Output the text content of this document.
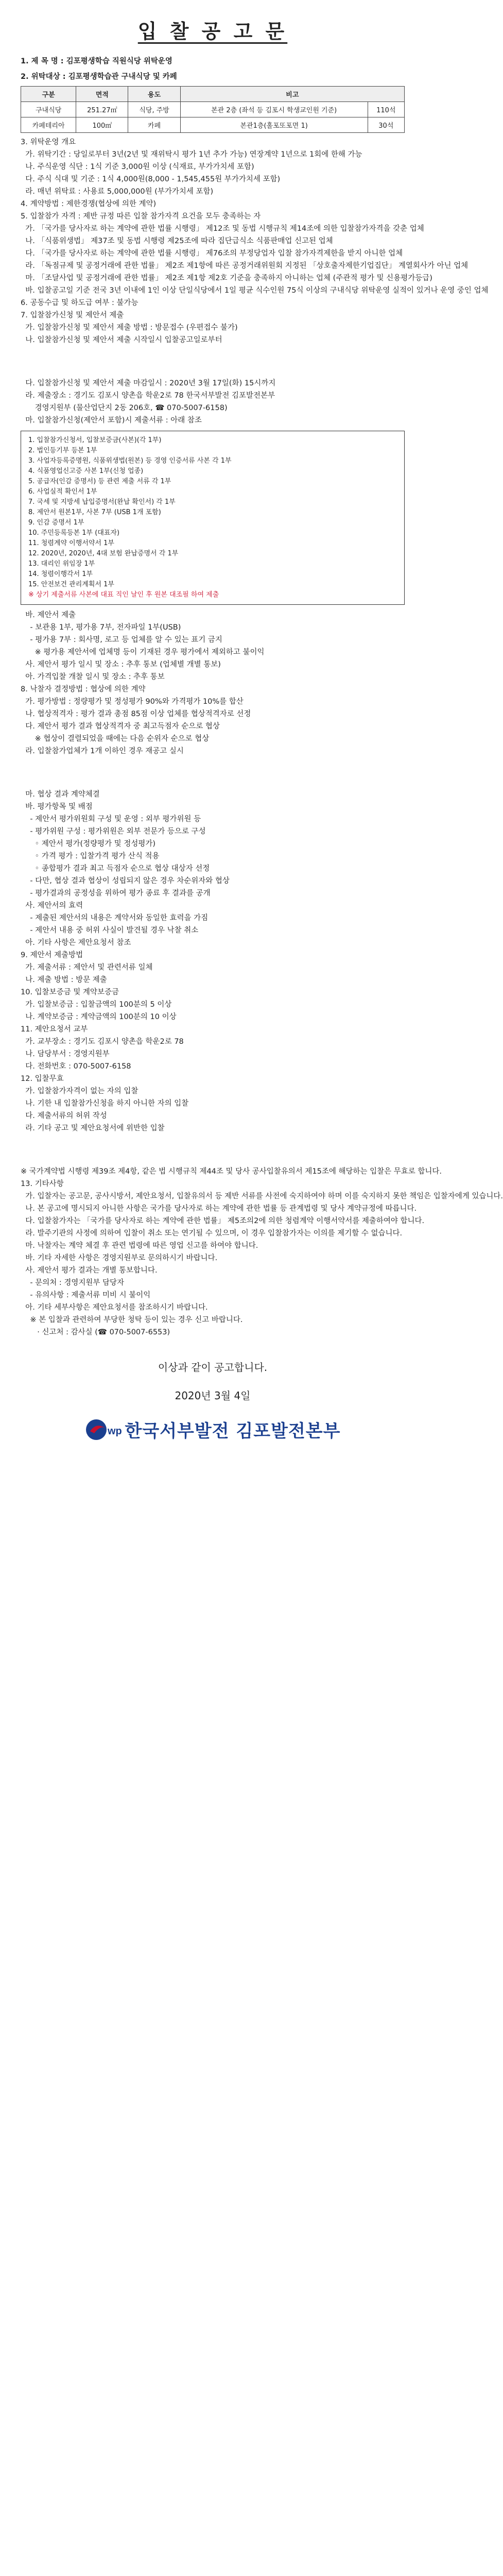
입 찰 공 고 문
1. 제 목 명 : 김포평생학습 직원식당 위탁운영
2. 위탁대상 : 김포평생학습관 구내식당 및 카페
구분	면적	용도	비고	
구내식당	251.27㎡	식당, 주방	본관 2층 (좌석 등 김포시 학생교인원 기준)	110석
카페테리아	100㎡	카페	본관1층(홀포또포면 1)	30석
3. 위탁운영 개요
가. 위탁기간 : 당일로부터 3년(2년 및 재위탁시 평가 1년 추가 가능) 연장계약 1년으로 1회에 한해 가능
나. 주식운영 식단 : 1식 기준 3,000원 이상 (식재료, 부가가치세 포함)
다. 주식 식대 및 기준 : 1식 4,000원(8,000 - 1,545,455원 부가가치세 포함)
라. 매년 위탁료 : 사용료 5,000,000원 (부가가치세 포함)
4. 계약방법 : 제한경쟁(협상에 의한 계약)
5. 입찰참가 자격 : 제반 규정 따른 입찰 참가자격 요건을 모두 충족하는 자
가. 「국가를 당사자로 하는 계약에 관한 법률 시행령」 제12조 및 동법 시행규칙 제14조에 의한 입찰참가자격을 갖춘 업체
나. 「식품위생법」 제37조 및 동법 시행령 제25조에 따라 집단급식소 식품판매업 신고된 업체
다. 「국가를 당사자로 하는 계약에 관한 법률 시행령」 제76조의 부정당업자 입찰 참가자격제한을 받지 아니한 업체
라. 「독점규제 및 공정거래에 관한 법률」 제2조 제1항에 따른 공정거래위원회 지정된 「상호출자제한기업집단」 계열회사가 아닌 업체
마. 「조달사업 및 공정거래에 관한 법률」 제2조 제1항 제2호 기준을 충족하지 아니하는 업체 (주관적 평가 및 신용평가등급)
바. 입찰공고일 기준 전국 3년 이내에 1인 이상 단일식당에서 1일 평균 식수인원 75식 이상의 구내식당 위탁운영 실적이 있거나 운영 중인 업체
6. 공동수급 및 하도급 여부 : 불가능
7. 입찰참가신청 및 제안서 제출
가. 입찰참가신청 및 제안서 제출 방법 : 방문접수 (우편접수 불가)
나. 입찰참가신청 및 제안서 제출 시작일시 입찰공고일로부터
다. 입찰참가신청 및 제안서 제출 마감일시 : 2020년 3월 17일(화) 15시까지
라. 제출장소 : 경기도 김포시 양촌읍 학운2로 78 한국서부발전 김포발전본부
경영지원부 (물산업단지 2동 206호, ☎ 070-5007-6158)
마. 입찰참가신청(제안서 포함)시 제출서류 : 아래 참조
1. 입찰참가신청서, 입찰보증금(사본)(각 1부)
2. 법인등기부 등본 1부
3. 사업자등록증명원, 식품위생법(원본) 등 경영 인증서류 사본 각 1부
4. 식품영업신고증 사본 1부(신청 업종)
5. 공급자(인감 증명서) 등 관련 제출 서류 각 1부
6. 사업실적 확인서 1부
7. 국세 및 지방세 납입증명서(완납 확인서) 각 1부
8. 제안서 원본1부, 사본 7부 (USB 1개 포함)
9. 인감 증명서 1부
10. 주민등록등본 1부 (대표자)
11. 청렴계약 이행서약서 1부
12. 2020년, 2020년, 4대 보험 완납증명서 각 1부
13. 대리인 위임장 1부
14. 청렴이행각서 1부
15. 안전보건 관리계획서 1부
※ 상기 제출서류 사본에 대표 직인 날인 후 원본 대조필 하여 제출
바. 제안서 제출
- 보관용 1부, 평가용 7부, 전자파일 1부(USB)
- 평가용 7부 : 회사명, 로고 등 업체를 알 수 있는 표기 금지
※ 평가용 제안서에 업체명 등이 기재된 경우 평가에서 제외하고 불이익
사. 제안서 평가 일시 및 장소 : 추후 통보 (업체별 개별 통보)
아. 가격입찰 개찰 일시 및 장소 : 추후 통보
8. 낙찰자 결정방법 : 협상에 의한 계약
가. 평가방법 : 정량평가 및 정성평가 90%와 가격평가 10%를 합산
나. 협상적격자 : 평가 결과 총점 85점 이상 업체를 협상적격자로 선정
다. 제안서 평가 결과 협상적격자 중 최고득점자 순으로 협상
※ 협상이 결렬되었을 때에는 다음 순위자 순으로 협상
라. 입찰참가업체가 1개 이하인 경우 재공고 실시
마. 협상 결과 계약체결
바. 평가항목 및 배점
- 제안서 평가위원회 구성 및 운영 : 외부 평가위원 등
- 평가위원 구성 : 평가위원은 외부 전문가 등으로 구성
◦ 제안서 평가(정량평가 및 정성평가)
◦ 가격 평가 : 입찰가격 평가 산식 적용
◦ 종합평가 결과 최고 득점자 순으로 협상 대상자 선정
- 다만, 협상 결과 협상이 성립되지 않은 경우 차순위자와 협상
- 평가결과의 공정성을 위하여 평가 종료 후 결과를 공개
사. 제안서의 효력
- 제출된 제안서의 내용은 계약서와 동일한 효력을 가짐
- 제안서 내용 중 허위 사실이 발견될 경우 낙찰 취소
아. 기타 사항은 제안요청서 참조
9. 제안서 제출방법
가. 제출서류 : 제안서 및 관련서류 일체
나. 제출 방법 : 방문 제출
10. 입찰보증금 및 계약보증금
가. 입찰보증금 : 입찰금액의 100분의 5 이상
나. 계약보증금 : 계약금액의 100분의 10 이상
11. 제안요청서 교부
가. 교부장소 : 경기도 김포시 양촌읍 학운2로 78
나. 담당부서 : 경영지원부
다. 전화번호 : 070-5007-6158
12. 입찰무효
가. 입찰참가자격이 없는 자의 입찰
나. 기한 내 입찰참가신청을 하지 아니한 자의 입찰
다. 제출서류의 허위 작성
라. 기타 공고 및 제안요청서에 위반한 입찰
※ 국가계약법 시행령 제39조 제4항, 같은 법 시행규칙 제44조 및 당사 공사입찰유의서 제15조에 해당하는 입찰은 무효로 합니다.
13. 기타사항
가. 입찰자는 공고문, 공사시방서, 제안요청서, 입찰유의서 등 제반 서류를 사전에 숙지하여야 하며 이를 숙지하지 못한 책임은 입찰자에게 있습니다.
나. 본 공고에 명시되지 아니한 사항은 국가를 당사자로 하는 계약에 관한 법률 등 관계법령 및 당사 계약규정에 따릅니다.
다. 입찰참가자는 「국가를 당사자로 하는 계약에 관한 법률」 제5조의2에 의한 청렴계약 이행서약서를 제출하여야 합니다.
라. 발주기관의 사정에 의하여 입찰이 취소 또는 연기될 수 있으며, 이 경우 입찰참가자는 이의를 제기할 수 없습니다.
마. 낙찰자는 계약 체결 후 관련 법령에 따른 영업 신고를 하여야 합니다.
바. 기타 자세한 사항은 경영지원부로 문의하시기 바랍니다.
사. 제안서 평가 결과는 개별 통보합니다.
- 문의처 : 경영지원부 담당자
- 유의사항 : 제출서류 미비 시 불이익
아. 기타 세부사항은 제안요청서를 참조하시기 바랍니다.
※ 본 입찰과 관련하여 부당한 청탁 등이 있는 경우 신고 바랍니다.
· 신고처 : 감사실 (☎ 070-5007-6553)
이상과 같이 공고합니다.
2020년 3월 4일
wp 한국서부발전 김포발전본부
